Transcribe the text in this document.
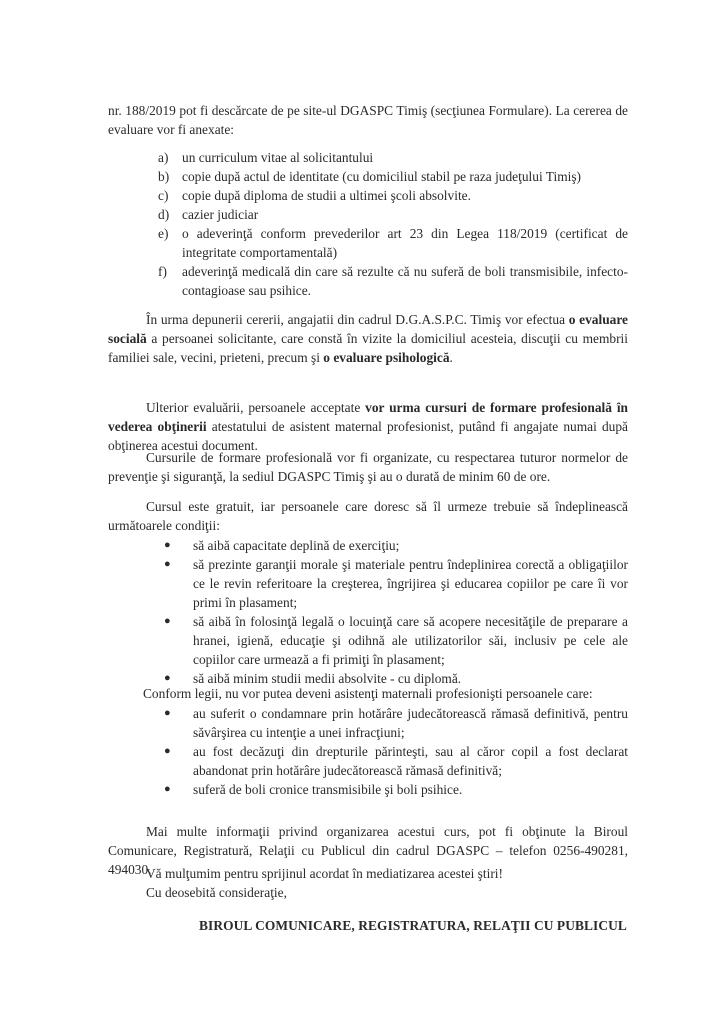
nr. 188/2019 pot fi descărcate de pe site-ul DGASPC Timiş (secţiunea Formulare). La cererea de evaluare vor fi anexate:

a) un curriculum vitae al solicitantului
b) copie după actul de identitate (cu domiciliul stabil pe raza judeţului Timiş)
c) copie după diploma de studii a ultimei şcoli absolvite.
d) cazier judiciar
e) o adeverinţă conform prevederilor art 23 din Legea 118/2019 (certificat de integritate comportamentală)
f) adeverinţă medicală din care să rezulte că nu suferă de boli transmisibile, infecto-contagioase sau psihice.

În urma depunerii cererii, angajatii din cadrul D.G.A.S.P.C. Timiş vor efectua o evaluare socială a persoanei solicitante, care constă în vizite la domiciliul acesteia, discuţii cu membrii familiei sale, vecini, prieteni, precum şi o evaluare psihologică.

Ulterior evaluării, persoanele acceptate vor urma cursuri de formare profesională în vederea obţinerii atestatului de asistent maternal profesionist, putând fi angajate numai după obţinerea acestui document.

Cursurile de formare profesională vor fi organizate, cu respectarea tuturor normelor de prevenţie şi siguranţă, la sediul DGASPC Timiş şi au o durată de minim 60 de ore.

Cursul este gratuit, iar persoanele care doresc să îl urmeze trebuie să îndeplinească următoarele condiţii:

● să aibă capacitate deplină de exerciţiu;
● să prezinte garanţii morale şi materiale pentru îndeplinirea corectă a obligaţiilor ce le revin referitoare la creşterea, îngrijirea şi educarea copiilor pe care îi vor primi în plasament;
● să aibă în folosinţă legală o locuinţă care să acopere necesităţile de preparare a hranei, igienă, educaţie şi odihnă ale utilizatorilor săi, inclusiv pe cele ale copiilor care urmează a fi primiţi în plasament;
● să aibă minim studii medii absolvite - cu diplomă.

Conform legii, nu vor putea deveni asistenţi maternali profesionişti persoanele care:

● au suferit o condamnare prin hotărâre judecătorească rămasă definitivă, pentru săvârşirea cu intenţie a unei infracţiuni;
● au fost decăzuţi din drepturile părinteşti, sau al căror copil a fost declarat abandonat prin hotărâre judecătorească rămasă definitivă;
● suferă de boli cronice transmisibile şi boli psihice.

Mai multe informaţii privind organizarea acestui curs, pot fi obţinute la Biroul Comunicare, Registratură, Relaţii cu Publicul din cadrul DGASPC – telefon 0256-490281, 494030.

Vă mulţumim pentru sprijinul acordat în mediatizarea acestei ştiri!

Cu deosebită consideraţie,

BIROUL COMUNICARE, REGISTRATURA, RELAŢII CU PUBLICUL
